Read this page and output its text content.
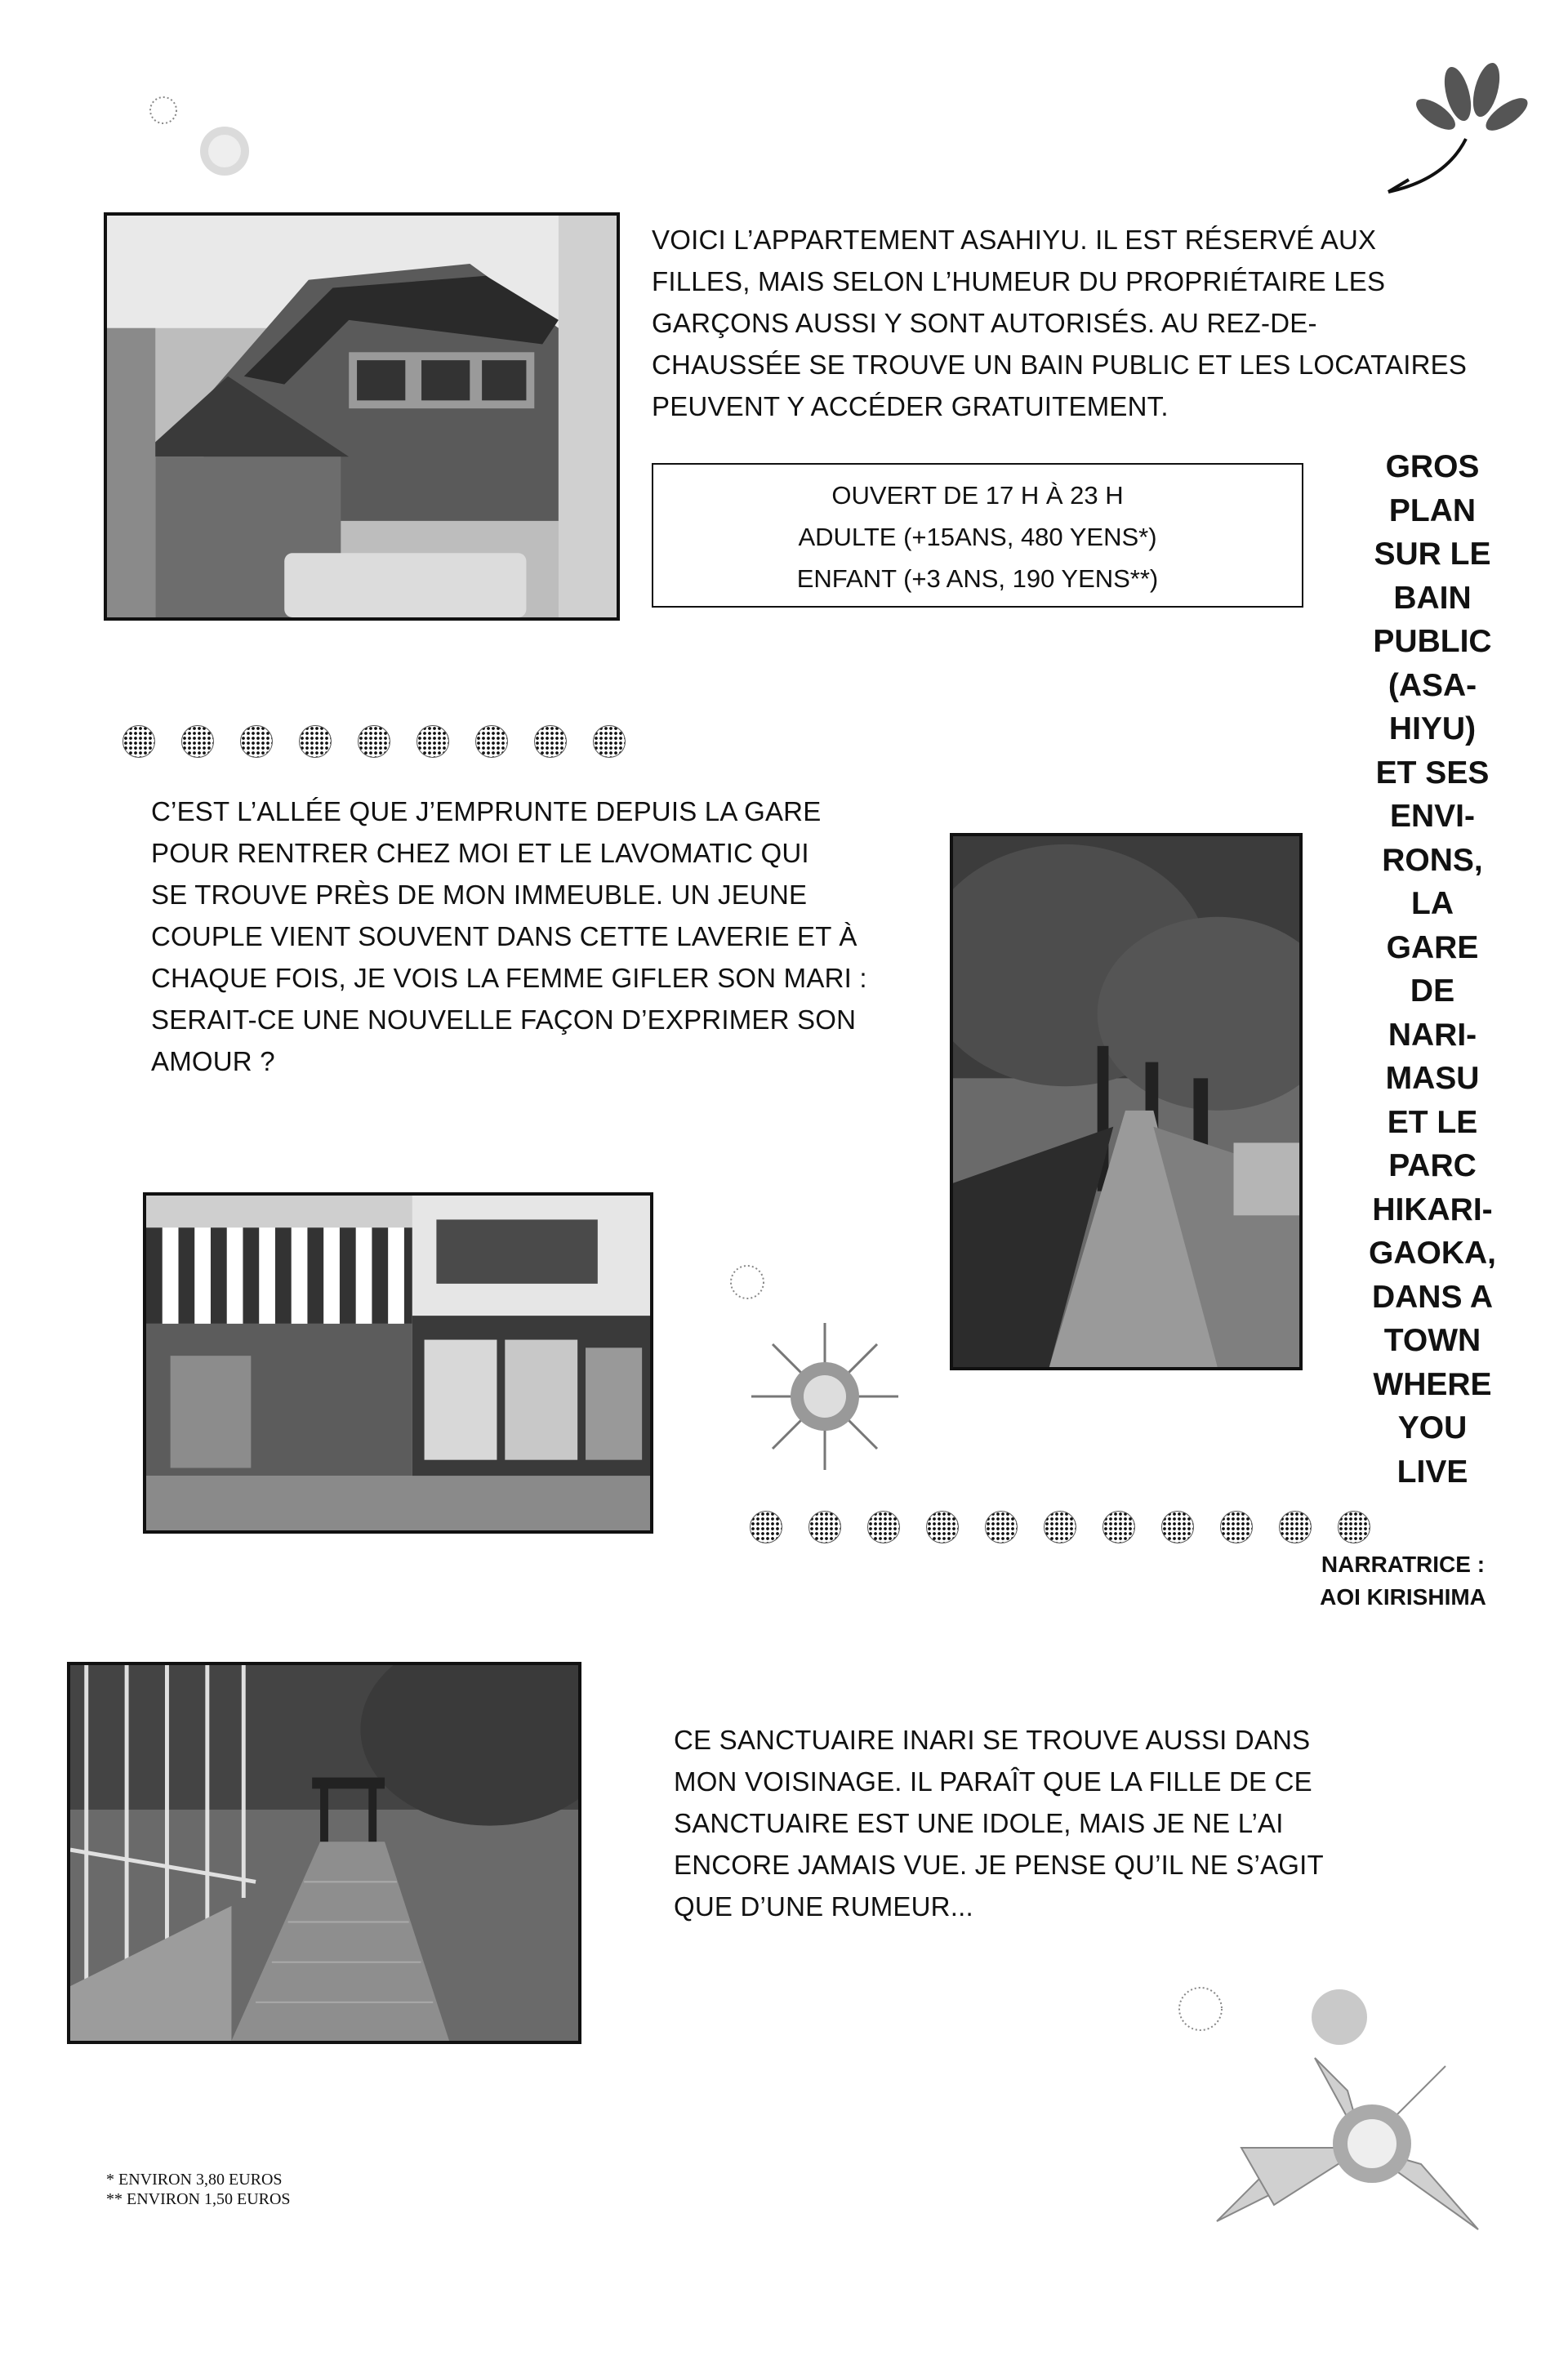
VOICI L’APPARTEMENT ASAHIYU. IL EST RÉSERVÉ AUX
FILLES, MAIS SELON L’HUMEUR DU PROPRIÉTAIRE LES
GARÇONS AUSSI Y SONT AUTORISÉS. AU REZ-DE-
CHAUSSÉE SE TROUVE UN BAIN PUBLIC ET LES LOCATAIRES
PEUVENT Y ACCÉDER GRATUITEMENT.

OUVERT DE 17 H À 23 H
ADULTE (+15ANS, 480 YENS*)
ENFANT (+3 ANS, 190 YENS**)
GROS
PLAN
SUR LE
BAIN
PUBLIC
(ASA-
HIYU)
ET SES
ENVI-
RONS,
LA
GARE
DE
NARI-
MASU
ET LE
PARC
HIKARI-
GAOKA,
DANS A
TOWN
WHERE
YOU
LIVE

C’EST L’ALLÉE QUE J’EMPRUNTE DEPUIS LA GARE
POUR RENTRER CHEZ MOI ET LE LAVOMATIC QUI
SE TROUVE PRÈS DE MON IMMEUBLE. UN JEUNE
COUPLE VIENT SOUVENT DANS CETTE LAVERIE ET À
CHAQUE FOIS, JE VOIS LA FEMME GIFLER SON MARI :
SERAIT-CE UNE NOUVELLE FAÇON D’EXPRIMER SON
AMOUR ?

NARRATRICE :
AOI KIRISHIMA

CE SANCTUAIRE INARI SE TROUVE AUSSI DANS
MON VOISINAGE. IL PARAÎT QUE LA FILLE DE CE
SANCTUAIRE EST UNE IDOLE, MAIS JE NE L’AI
ENCORE JAMAIS VUE. JE PENSE QU’IL NE S’AGIT
QUE D’UNE RUMEUR...

* ENVIRON 3,80 EUROS
** ENVIRON 1,50 EUROS
